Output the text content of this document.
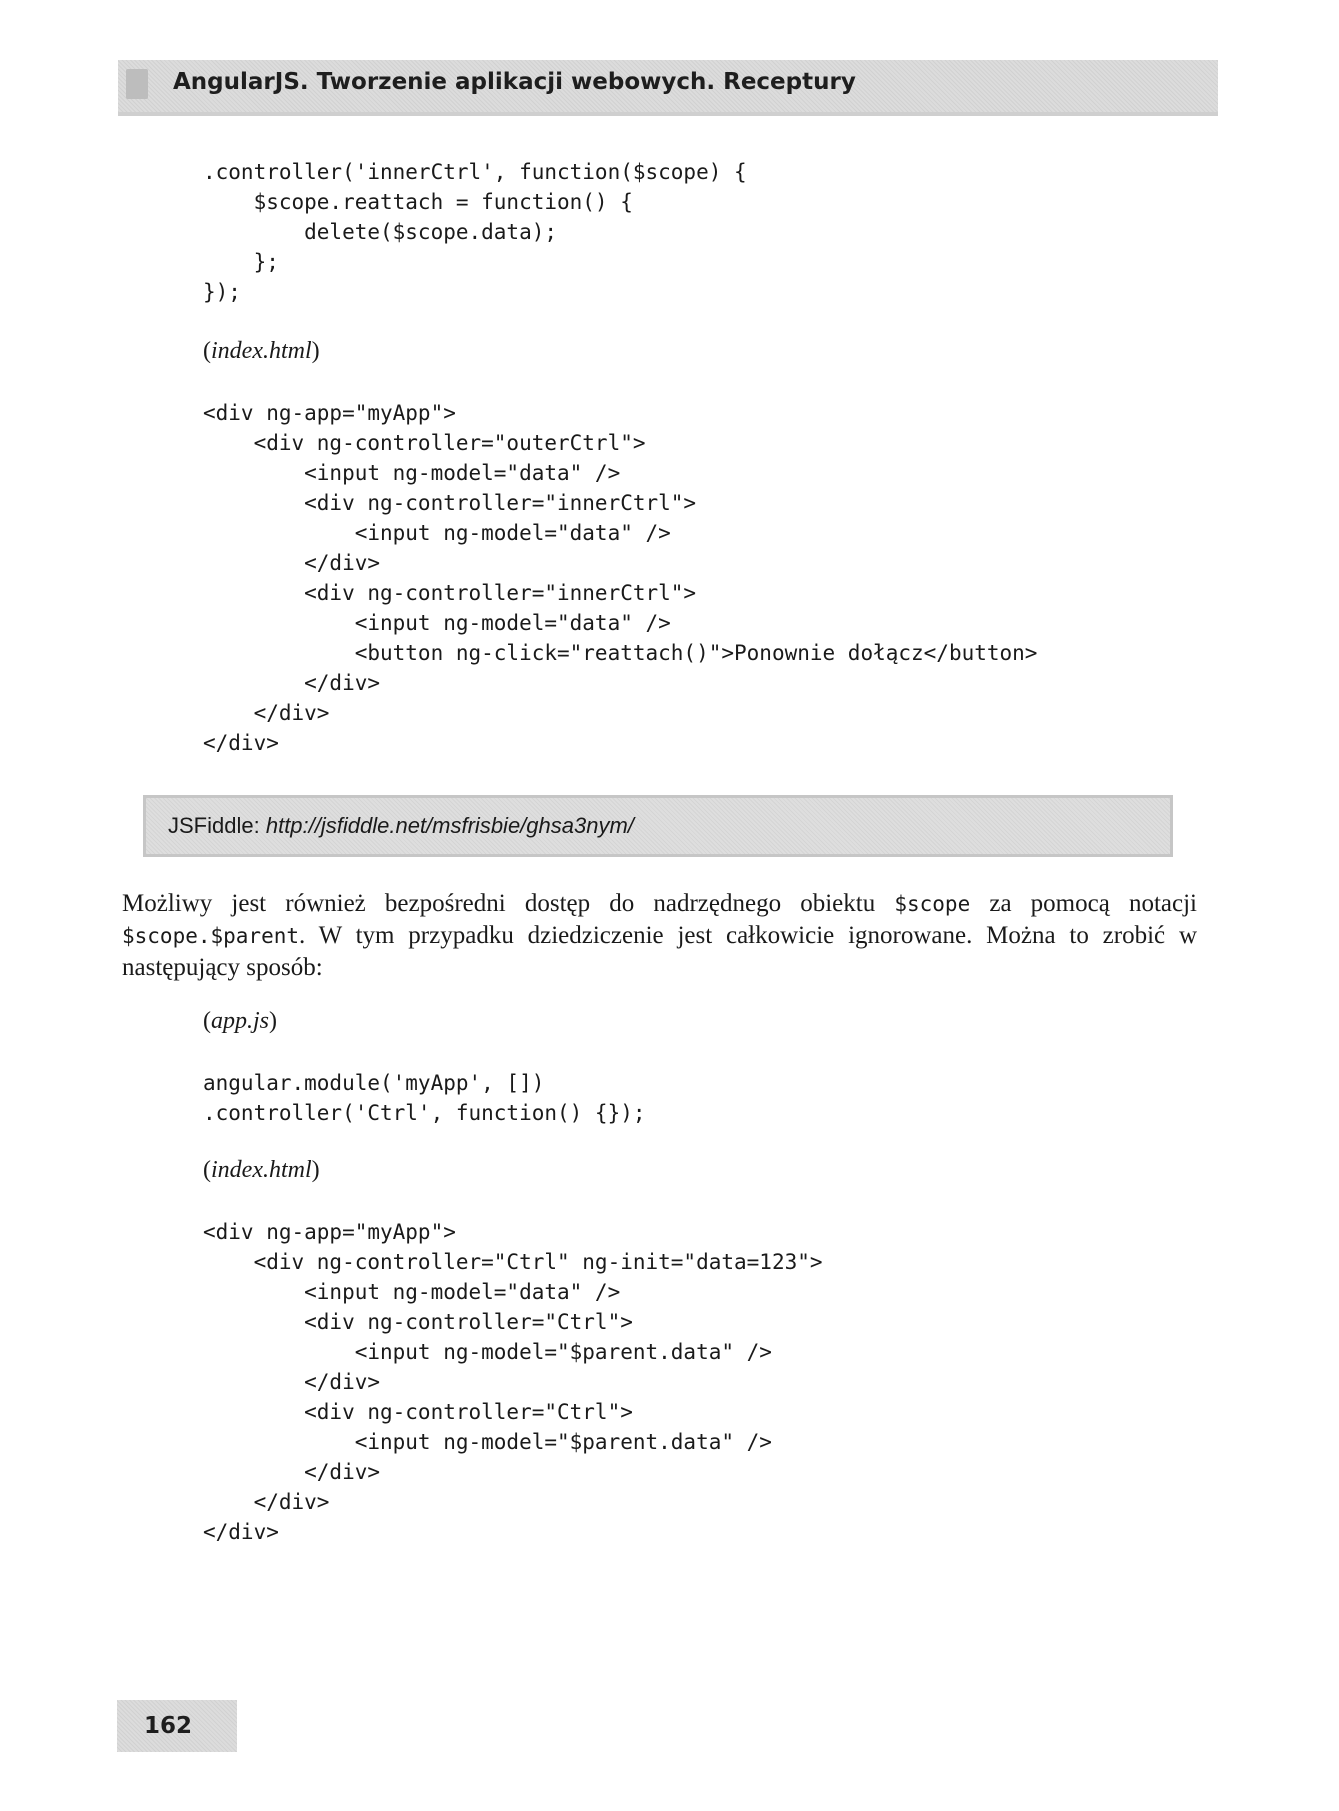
AngularJS. Tworzenie aplikacji webowych. Receptury
.controller('innerCtrl', function($scope) {
$scope.reattach = function() {
delete($scope.data);
};
});
(index.html)
<div ng-app="myApp">
<div ng-controller="outerCtrl">
<input ng-model="data" />
<div ng-controller="innerCtrl">
<input ng-model="data" />
</div>
<div ng-controller="innerCtrl">
<input ng-model="data" />
<button ng-click="reattach()">Ponownie dołącz</button>
</div>
</div>
</div>
JSFiddle: http://jsfiddle.net/msfrisbie/ghsa3nym/

Możliwy jest również bezpośredni dostęp do nadrzędnego obiektu $scope za pomocą notacji $scope.$parent. W tym przypadku dziedziczenie jest całkowicie ignorowane. Można to zrobić w następujący sposób:

(app.js)
angular.module('myApp', [])
.controller('Ctrl', function() {});
(index.html)
<div ng-app="myApp">
<div ng-controller="Ctrl" ng-init="data=123">
<input ng-model="data" />
<div ng-controller="Ctrl">
<input ng-model="$parent.data" />
</div>
<div ng-controller="Ctrl">
<input ng-model="$parent.data" />
</div>
</div>
</div>
162
